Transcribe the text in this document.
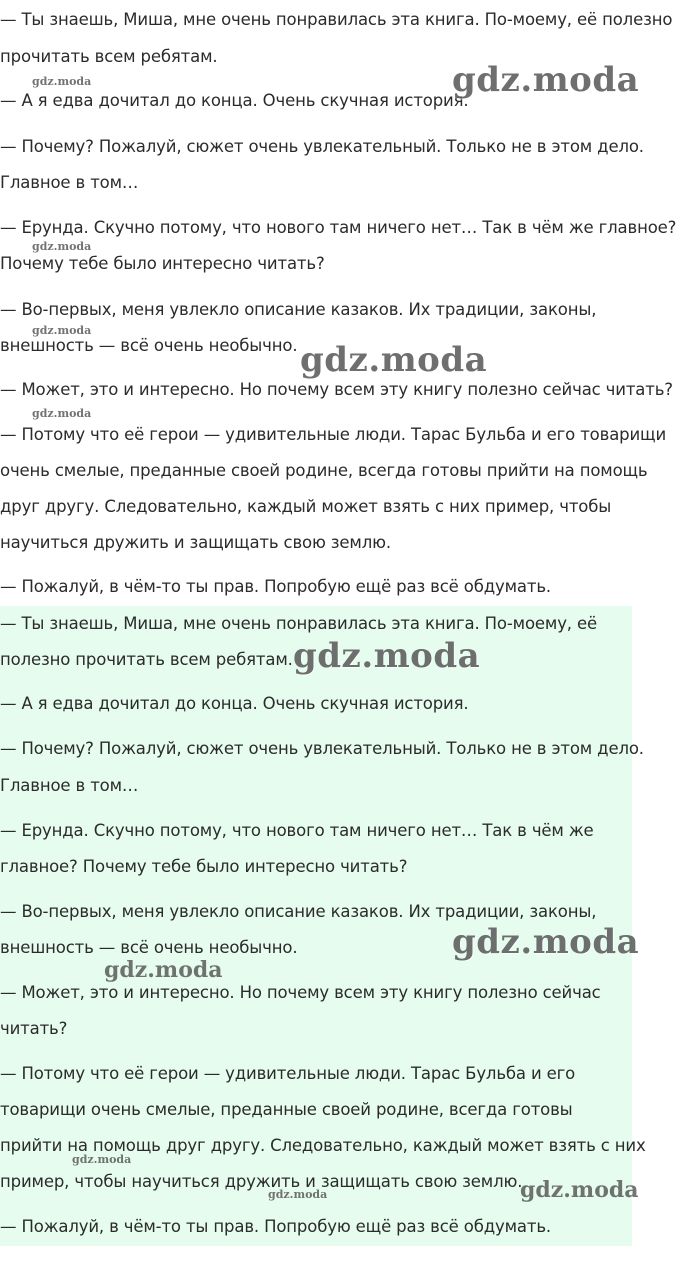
— Ты знаешь, Миша, мне очень понравилась эта книга. По-моему, её полезно
прочитать всем ребятам.
— А я едва дочитал до конца. Очень скучная история.
— Почему? Пожалуй, сюжет очень увлекательный. Только не в этом дело.
Главное в том…
— Ерунда. Скучно потому, что нового там ничего нет… Так в чём же главное?
Почему тебе было интересно читать?
— Во-первых, меня увлекло описание казаков. Их традиции, законы,
внешность — всё очень необычно.
— Может, это и интересно. Но почему всем эту книгу полезно сейчас читать?
— Потому что её герои — удивительные люди. Тарас Бульба и его товарищи
очень смелые, преданные своей родине, всегда готовы прийти на помощь
друг другу. Следовательно, каждый может взять с них пример, чтобы
научиться дружить и защищать свою землю.
— Пожалуй, в чём-то ты прав. Попробую ещё раз всё обдумать.
— Ты знаешь, Миша, мне очень понравилась эта книга. По-моему, её
полезно прочитать всем ребятам.
— А я едва дочитал до конца. Очень скучная история.
— Почему? Пожалуй, сюжет очень увлекательный. Только не в этом дело.
Главное в том…
— Ерунда. Скучно потому, что нового там ничего нет… Так в чём же
главное? Почему тебе было интересно читать?
— Во-первых, меня увлекло описание казаков. Их традиции, законы,
внешность — всё очень необычно.
— Может, это и интересно. Но почему всем эту книгу полезно сейчас
читать?
— Потому что её герои — удивительные люди. Тарас Бульба и его
товарищи очень смелые, преданные своей родине, всегда готовы
прийти на помощь друг другу. Следовательно, каждый может взять с них
пример, чтобы научиться дружить и защищать свою землю.
— Пожалуй, в чём-то ты прав. Попробую ещё раз всё обдумать.
gdz.moda	gdz.moda
gdz.moda
gdz.moda
gdz.moda
gdz.moda
gdz.moda
gdz.moda
gdz.moda
gdz.moda
gdz.moda
gdz.moda
